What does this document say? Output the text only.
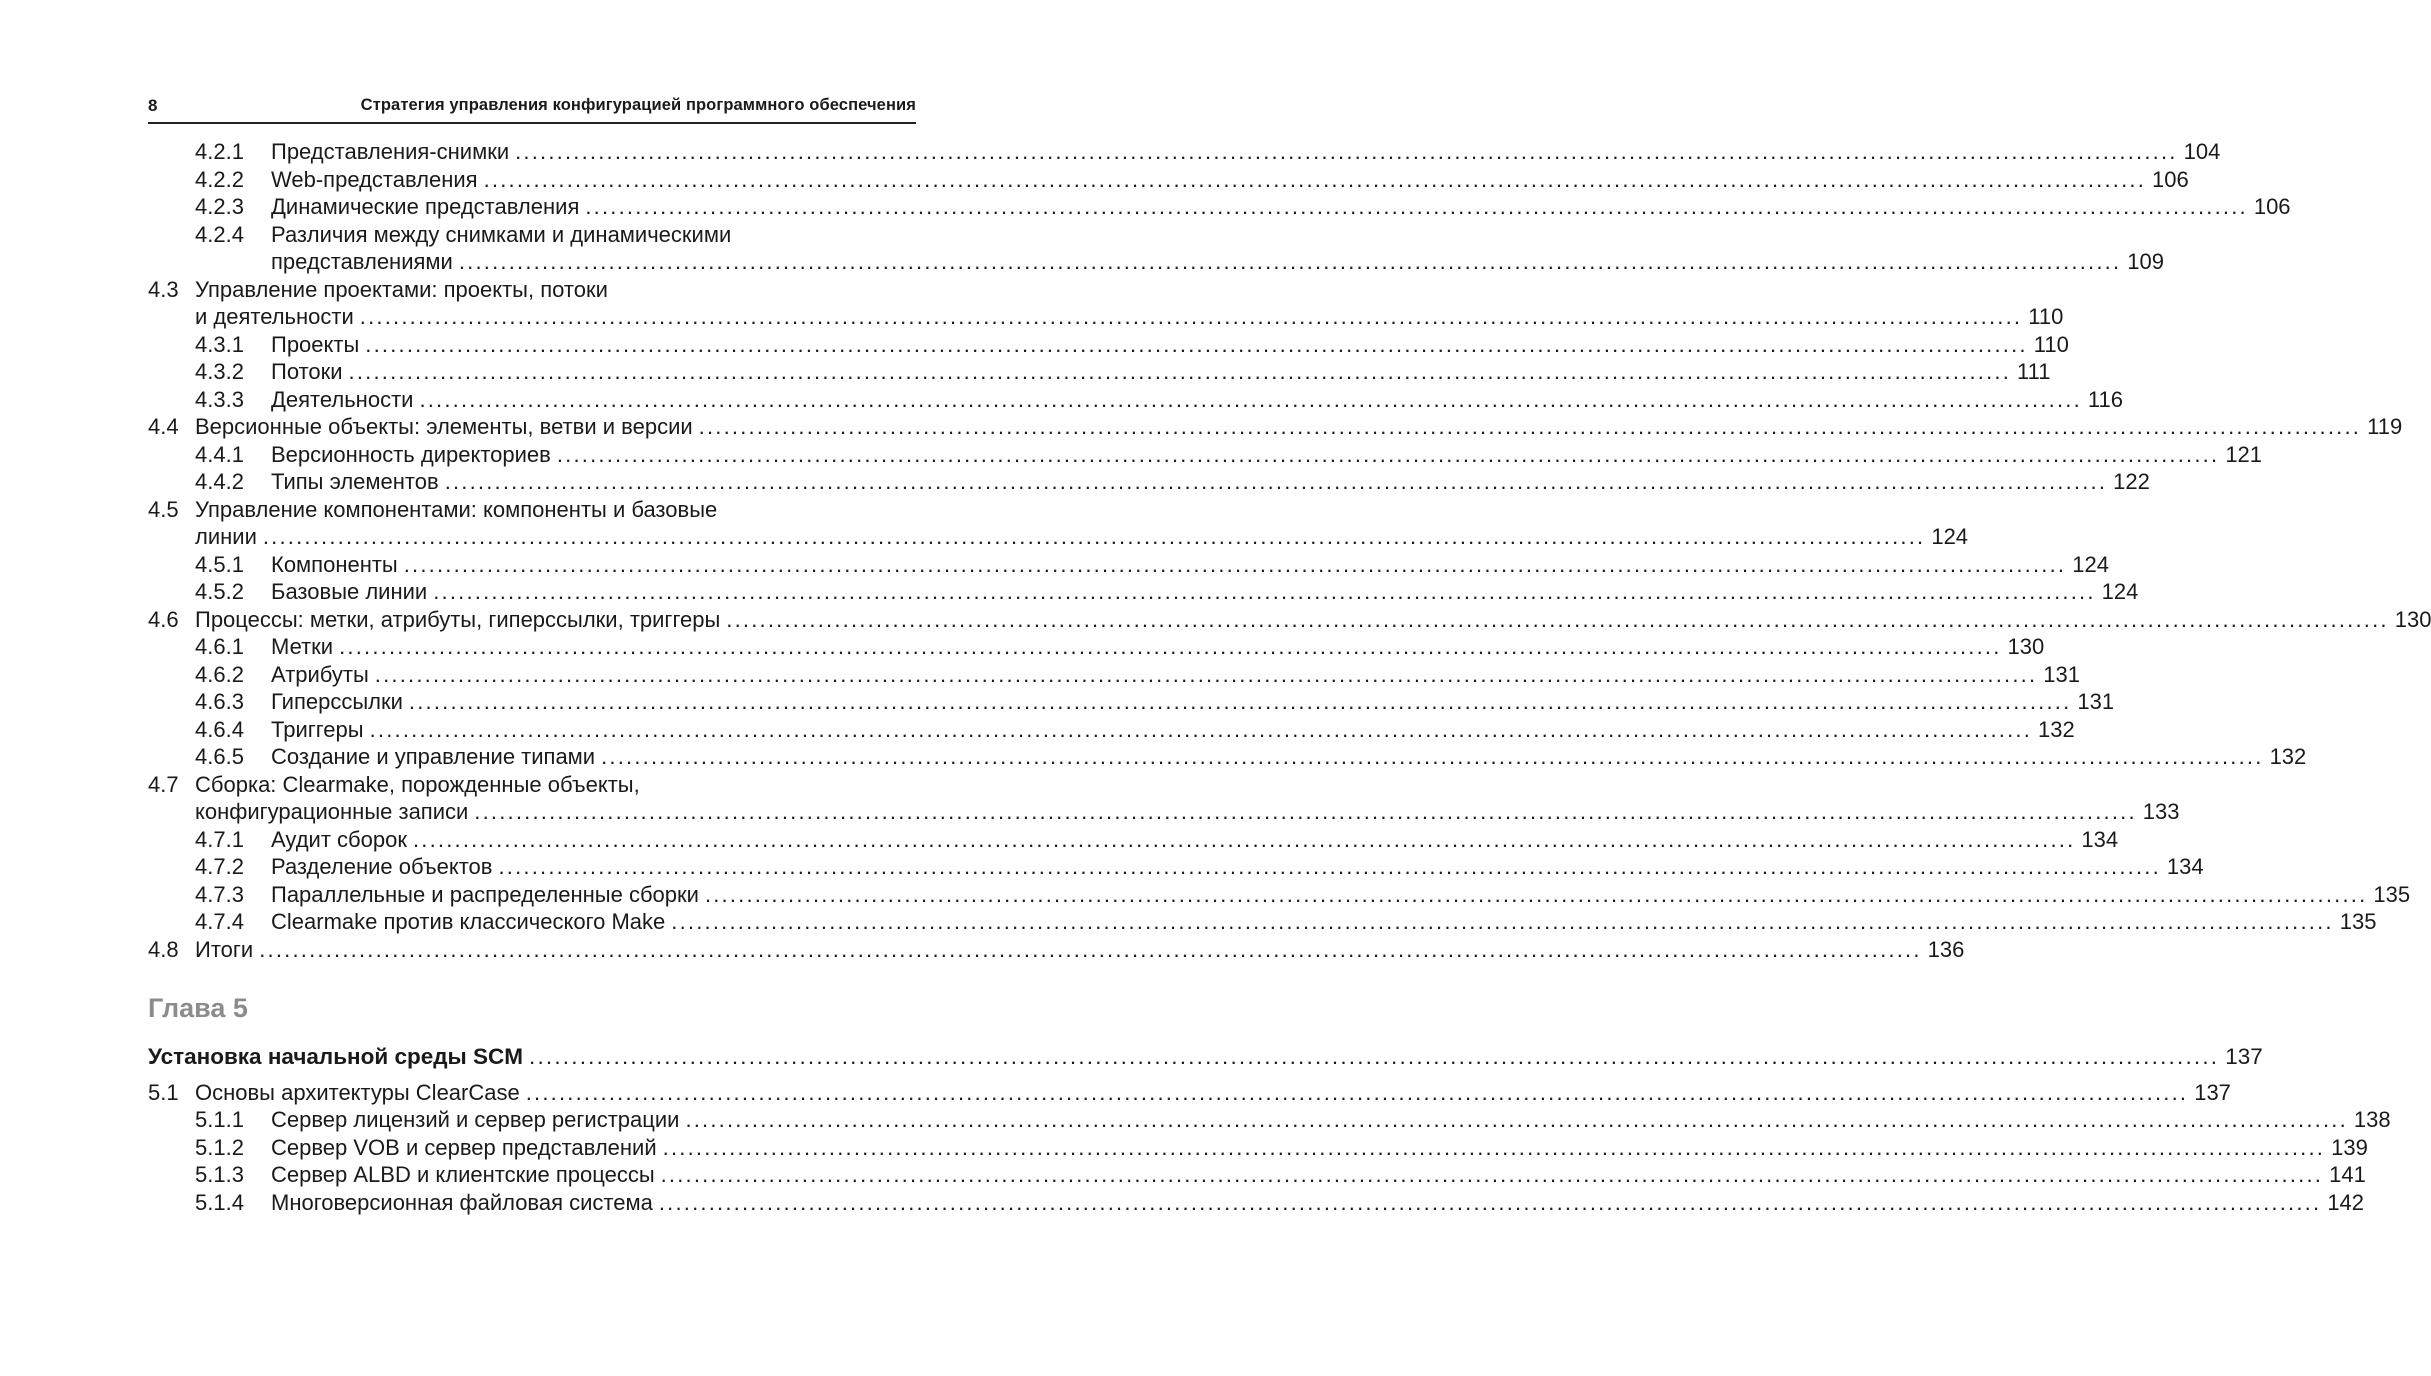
8	Стратегия управления конфигурацией программного обеспечения
4.2.1 Представления-снимки ........................................................................................................................................................................................................ 104
4.2.2 Web-представления ........................................................................................................................................................................................................ 106
4.2.3 Динамические представления ........................................................................................................................................................................................................ 106
4.2.4 Различия между снимками и динамическими
представлениями ........................................................................................................................................................................................................ 109
4.3 Управление проектами: проекты, потоки
и деятельности ........................................................................................................................................................................................................ 110
4.3.1 Проекты ........................................................................................................................................................................................................ 110
4.3.2 Потоки ........................................................................................................................................................................................................ 111
4.3.3 Деятельности ........................................................................................................................................................................................................ 116
4.4 Версионные объекты: элементы, ветви и версии ........................................................................................................................................................................................................ 119
4.4.1 Версионность директориев ........................................................................................................................................................................................................ 121
4.4.2 Типы элементов ........................................................................................................................................................................................................ 122
4.5 Управление компонентами: компоненты и базовые
линии ........................................................................................................................................................................................................ 124
4.5.1 Компоненты ........................................................................................................................................................................................................ 124
4.5.2 Базовые линии ........................................................................................................................................................................................................ 124
4.6 Процессы: метки, атрибуты, гиперссылки, триггеры ........................................................................................................................................................................................................ 130
4.6.1 Метки ........................................................................................................................................................................................................ 130
4.6.2 Атрибуты ........................................................................................................................................................................................................ 131
4.6.3 Гиперссылки ........................................................................................................................................................................................................ 131
4.6.4 Триггеры ........................................................................................................................................................................................................ 132
4.6.5 Создание и управление типами ........................................................................................................................................................................................................ 132
4.7 Сборка: Clearmake, порожденные объекты,
конфигурационные записи ........................................................................................................................................................................................................ 133
4.7.1 Аудит сборок ........................................................................................................................................................................................................ 134
4.7.2 Разделение объектов ........................................................................................................................................................................................................ 134
4.7.3 Параллельные и распределенные сборки ........................................................................................................................................................................................................ 135
4.7.4 Clearmake против классического Make ........................................................................................................................................................................................................ 135
4.8 Итоги ........................................................................................................................................................................................................ 136
Глава 5
Установка начальной среды SCM ........................................................................................................................................................................................................ 137
5.1 Основы архитектуры ClearCase ........................................................................................................................................................................................................ 137
5.1.1 Сервер лицензий и сервер регистрации ........................................................................................................................................................................................................ 138
5.1.2 Сервер VOB и сервер представлений ........................................................................................................................................................................................................ 139
5.1.3 Сервер ALBD и клиентские процессы ........................................................................................................................................................................................................ 141
5.1.4 Многоверсионная файловая система ........................................................................................................................................................................................................ 142
